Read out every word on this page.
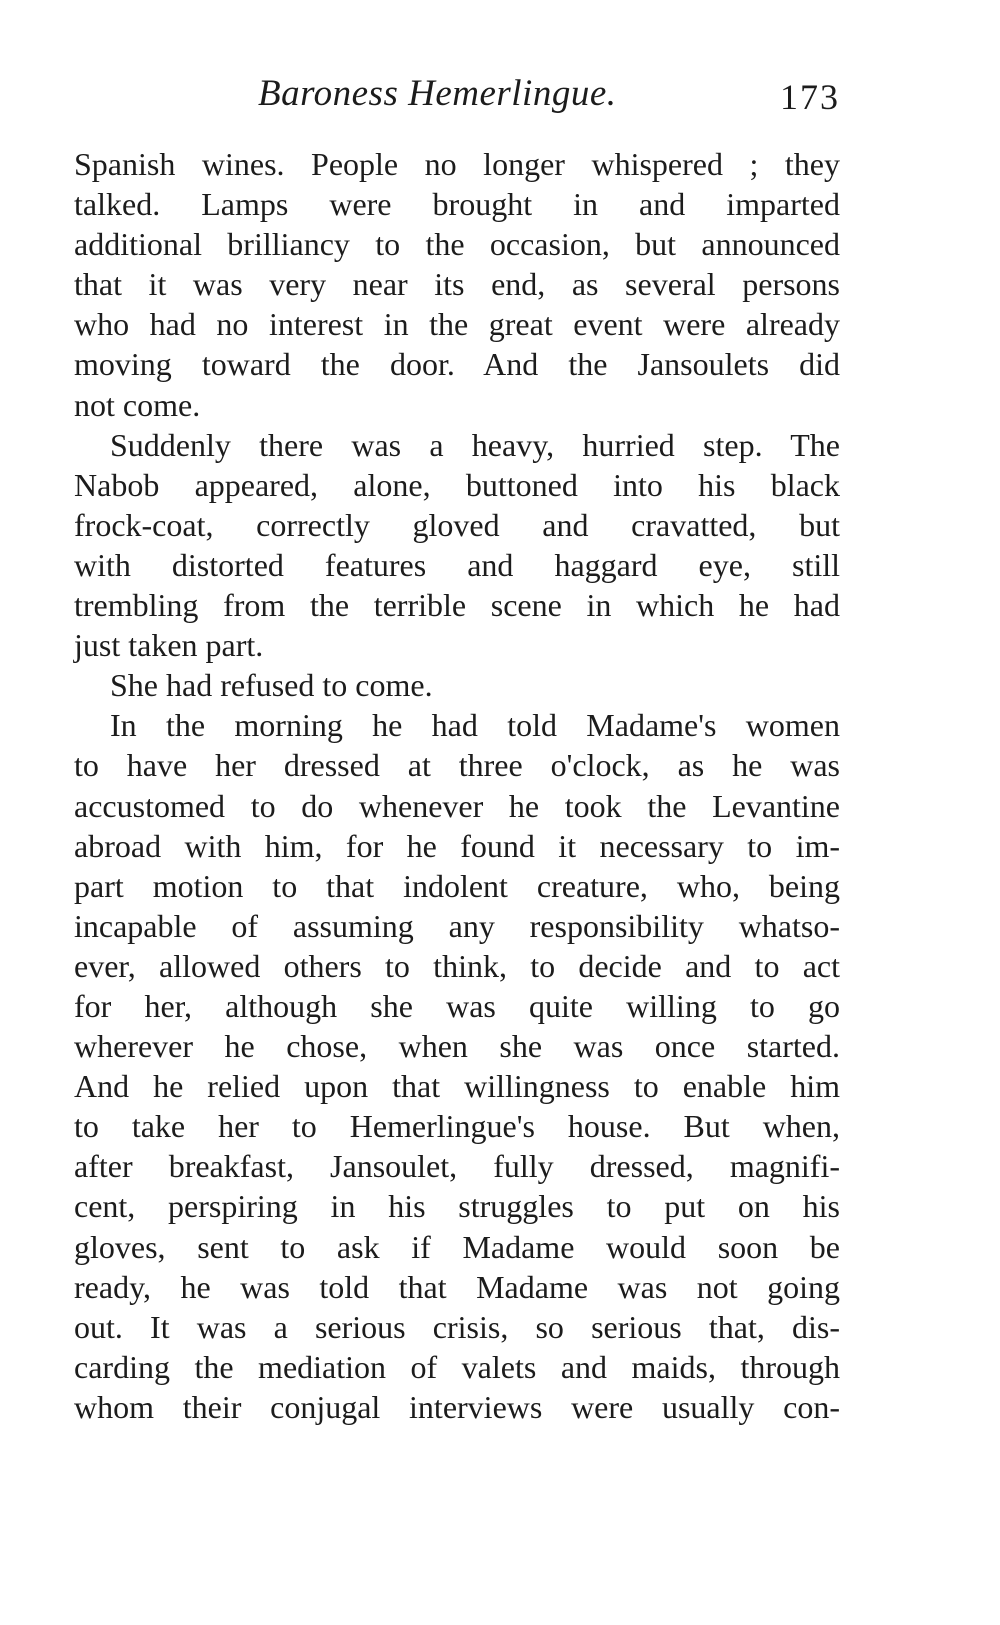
Baroness Hemerlingue.	173
Spanish wines. People no longer whispered ; they
talked. Lamps were brought in and imparted
additional brilliancy to the occasion, but announced
that it was very near its end, as several persons
who had no interest in the great event were already
moving toward the door. And the Jansoulets did
not come.
Suddenly there was a heavy, hurried step. The
Nabob appeared, alone, buttoned into his black
frock-coat, correctly gloved and cravatted, but
with distorted features and haggard eye, still
trembling from the terrible scene in which he had
just taken part.
She had refused to come.
In the morning he had told Madame's women
to have her dressed at three o'clock, as he was
accustomed to do whenever he took the Levantine
abroad with him, for he found it necessary to im-
part motion to that indolent creature, who, being
incapable of assuming any responsibility whatso-
ever, allowed others to think, to decide and to act
for her, although she was quite willing to go
wherever he chose, when she was once started.
And he relied upon that willingness to enable him
to take her to Hemerlingue's house. But when,
after breakfast, Jansoulet, fully dressed, magnifi-
cent, perspiring in his struggles to put on his
gloves, sent to ask if Madame would soon be
ready, he was told that Madame was not going
out. It was a serious crisis, so serious that, dis-
carding the mediation of valets and maids, through
whom their conjugal interviews were usually con-
